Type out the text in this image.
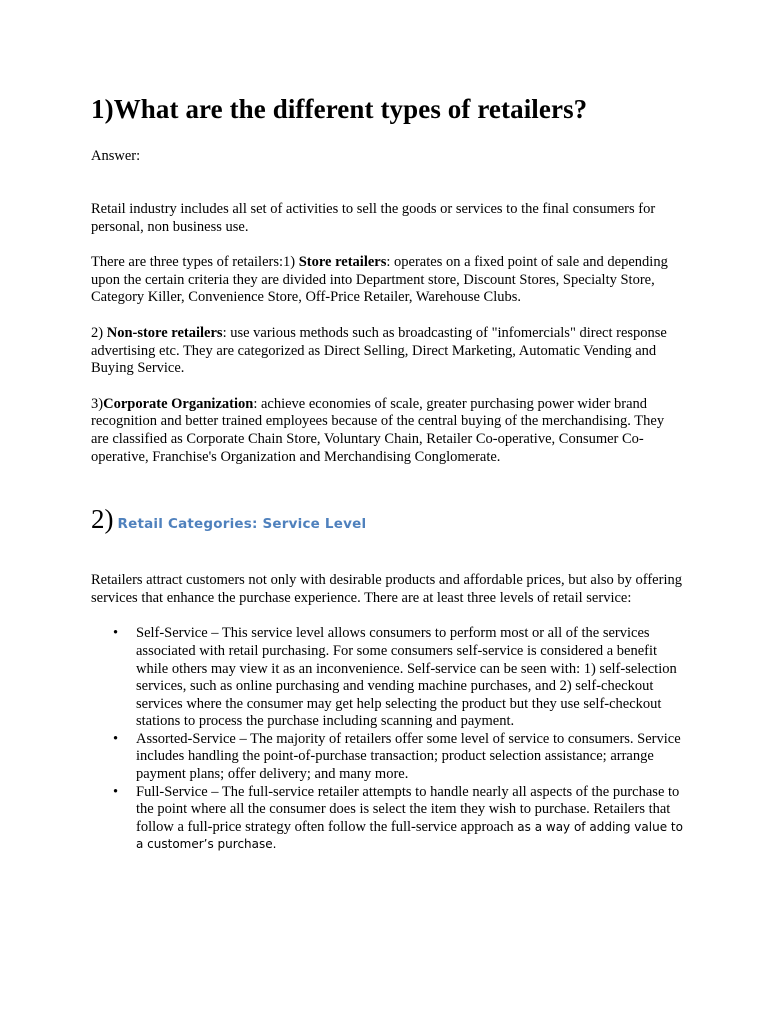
1)What are the different types of retailers?

Answer:

Retail industry includes all set of activities to sell the goods or services to the final consumers for personal, non business use.

There are three types of retailers:1) Store retailers: operates on a fixed point of sale and depending upon the certain criteria they are divided into Department store, Discount Stores, Specialty Store, Category Killer, Convenience Store, Off-Price Retailer, Warehouse Clubs.

2) Non-store retailers: use various methods such as broadcasting of "infomercials" direct response advertising etc. They are categorized as Direct Selling, Direct Marketing, Automatic Vending and Buying Service.

3)Corporate Organization: achieve economies of scale, greater purchasing power wider brand recognition and better trained employees because of the central buying of the merchandising. They are classified as Corporate Chain Store, Voluntary Chain, Retailer Co-operative, Consumer Co-operative, Franchise's Organization and Merchandising Conglomerate.

2) Retail Categories: Service Level

Retailers attract customers not only with desirable products and affordable prices, but also by offering services that enhance the purchase experience. There are at least three levels of retail service:

• Self-Service – This service level allows consumers to perform most or all of the services associated with retail purchasing. For some consumers self-service is considered a benefit while others may view it as an inconvenience. Self-service can be seen with: 1) self-selection services, such as online purchasing and vending machine purchases, and 2) self-checkout services where the consumer may get help selecting the product but they use self-checkout stations to process the purchase including scanning and payment.
• Assorted-Service – The majority of retailers offer some level of service to consumers. Service includes handling the point-of-purchase transaction; product selection assistance; arrange payment plans; offer delivery; and many more.
• Full-Service – The full-service retailer attempts to handle nearly all aspects of the purchase to the point where all the consumer does is select the item they wish to purchase. Retailers that follow a full-price strategy often follow the full-service approach as a way of adding value to a customer’s purchase.
